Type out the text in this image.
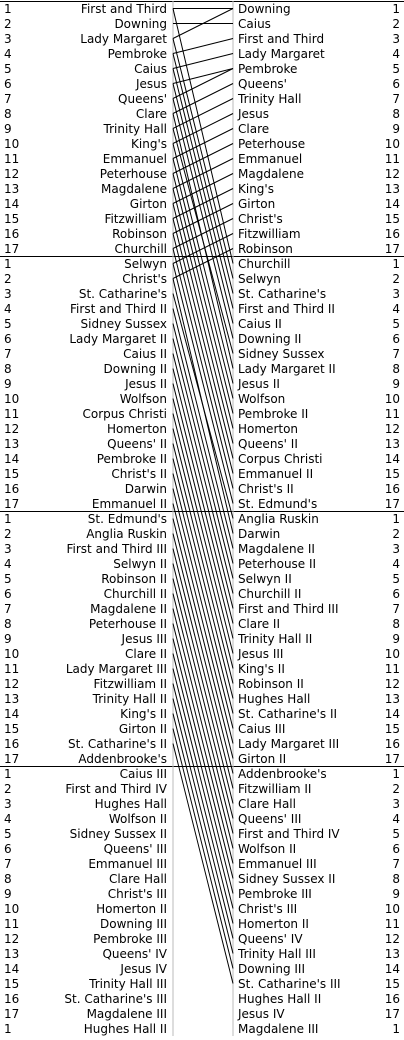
1	First and Third	Downing	1
2	Downing	Caius	2
3	Lady Margaret	First and Third	3
4	Pembroke	Lady Margaret	4
5	Caius	Pembroke	5
6	Jesus	Queens'	6
7	Queens'	Trinity Hall	7
8	Clare	Jesus	8
9	Trinity Hall	Clare	9
10	King's	Peterhouse	10
11	Emmanuel	Emmanuel	11
12	Peterhouse	Magdalene	12
13	Magdalene	King's	13
14	Girton	Girton	14
15	Fitzwilliam	Christ's	15
16	Robinson	Fitzwilliam	16
17	Churchill	Robinson	17
1	Selwyn	Churchill	1
2	Christ's	Selwyn	2
3	St. Catharine's	St. Catharine's	3
4	First and Third II	First and Third II	4
5	Sidney Sussex	Caius II	5
6	Lady Margaret II	Downing II	6
7	Caius II	Sidney Sussex	7
8	Downing II	Lady Margaret II	8
9	Jesus II	Jesus II	9
10	Wolfson	Wolfson	10
11	Corpus Christi	Pembroke II	11
12	Homerton	Homerton	12
13	Queens' II	Queens' II	13
14	Pembroke II	Corpus Christi	14
15	Christ's II	Emmanuel II	15
16	Darwin	Christ's II	16
17	Emmanuel II	St. Edmund's	17
1	St. Edmund's	Anglia Ruskin	1
2	Anglia Ruskin	Darwin	2
3	First and Third III	Magdalene II	3
4	Selwyn II	Peterhouse II	4
5	Robinson II	Selwyn II	5
6	Churchill II	Churchill II	6
7	Magdalene II	First and Third III	7
8	Peterhouse II	Clare II	8
9	Jesus III	Trinity Hall II	9
10	Clare II	Jesus III	10
11	Lady Margaret III	King's II	11
12	Fitzwilliam II	Robinson II	12
13	Trinity Hall II	Hughes Hall	13
14	King's II	St. Catharine's II	14
15	Girton II	Caius III	15
16	St. Catharine's II	Lady Margaret III	16
17	Addenbrooke's	Girton II	17
1	Caius III	Addenbrooke's	1
2	First and Third IV	Fitzwilliam II	2
3	Hughes Hall	Clare Hall	3
4	Wolfson II	Queens' III	4
5	Sidney Sussex II	First and Third IV	5
6	Queens' III	Wolfson II	6
7	Emmanuel III	Emmanuel III	7
8	Clare Hall	Sidney Sussex II	8
9	Christ's III	Pembroke III	9
10	Homerton II	Christ's III	10
11	Downing III	Homerton II	11
12	Pembroke III	Queens' IV	12
13	Queens' IV	Trinity Hall III	13
14	Jesus IV	Downing III	14
15	Trinity Hall III	St. Catharine's III	15
16	St. Catharine's III	Hughes Hall II	16
17	Magdalene III	Jesus IV	17
1	Hughes Hall II	Magdalene III	1
